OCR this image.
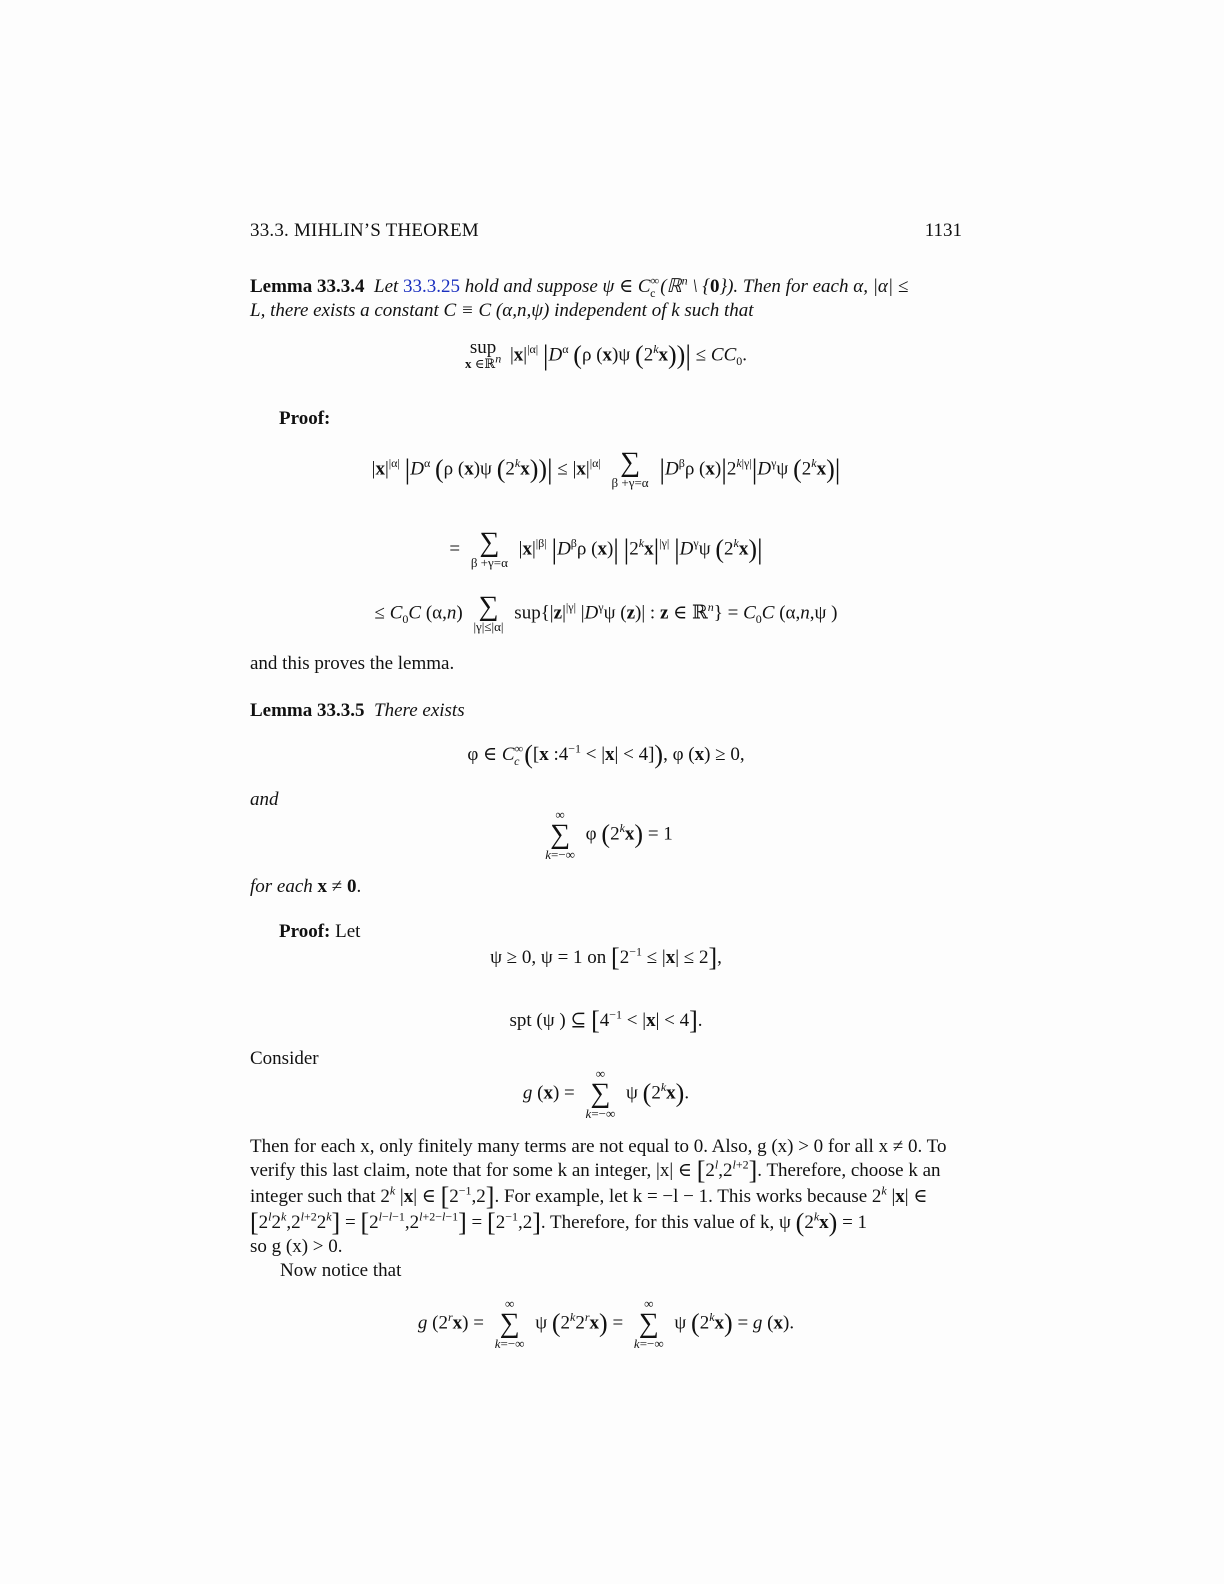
33.3. MIHLIN’S THEOREM	1131

Lemma 33.3.4 Let 33.3.25 hold and suppose ψ ∈ $C^\infty_c$ (ℝ$^n$ \ {0}). Then for each α, |α| ≤

L, there exists a constant C ≡ C (α,n,ψ) independent of k such that

sup
x ∈ℝ$^n$ $|x|^{|\alpha|}$ $|D^\alpha$ (ρ (x)ψ $(2^kx))| \le CC_0$.

Proof:

$|x|^{|\alpha|}$ $|D^\alpha$ (ρ (x)ψ $(2^kx))| \le |x|^{|\alpha|}$ ∑
β +γ=α $|D^\beta\rho$ $(x)|2^{k|\gamma|}|D^\gamma\psi$ $(2^kx)|$
= ∑
β +γ=α
$|x|^{|\beta|}$ $|D^\beta\rho$ (x)| $|2^kx|^{|\gamma|}$ $|D^\gamma\psi$ $(2^kx)|$
≤ $C_0C$ (α,n) ∑
|γ|≤|α|
$sup\{|z|^{|\gamma|}$ $|D^\gamma\psi$ (z)| : z ∈ ℝ$^n$} = $C_0C$ (α,n,ψ )

and this proves the lemma.

Lemma 33.3.5 There exists

φ ∈ $C^\infty_c$ ([x $:4^{-1} < |x| < 4$]), φ (x) ≥ 0,

and

∞
∑
k=−∞
φ $(2^kx) = 1$

for each x ≠ 0.

Proof: Let

ψ ≥ 0, ψ = 1 on $[2^{-1} \le |x| \le 2]$,
spt (ψ ) ⊆ $[4^{-1} < |x| < 4]$.

Consider

g (x) =
∞
∑
k=−∞
ψ (2$^k$x).

Then for each x, only finitely many terms are not equal to 0. Also, g (x) > 0 for all x ≠ 0. To

verify this last claim, note that for some k an integer, |x| ∈ $[2^l,2^{l+2}]$. Therefore, choose k an

integer such that 2$^k$ |x| ∈ $[2^{-1},2]$. For example, let k = −l − 1. This works because 2$^k$ |x| ∈

$[2^l2^k,2^{l+2}2^k] = [2^{l-l-1},2^{l+2-l-1}] = [2^{-1},2]$. Therefore, for this value of k, ψ $(2^kx) = 1$

so g (x) > 0.

Now notice that

g $(2^rx)$ =
∞
∑
k=−∞
ψ $(2^k2^rx)$ =
∞
∑
k=−∞
ψ $(2^kx) = g$ (x).
